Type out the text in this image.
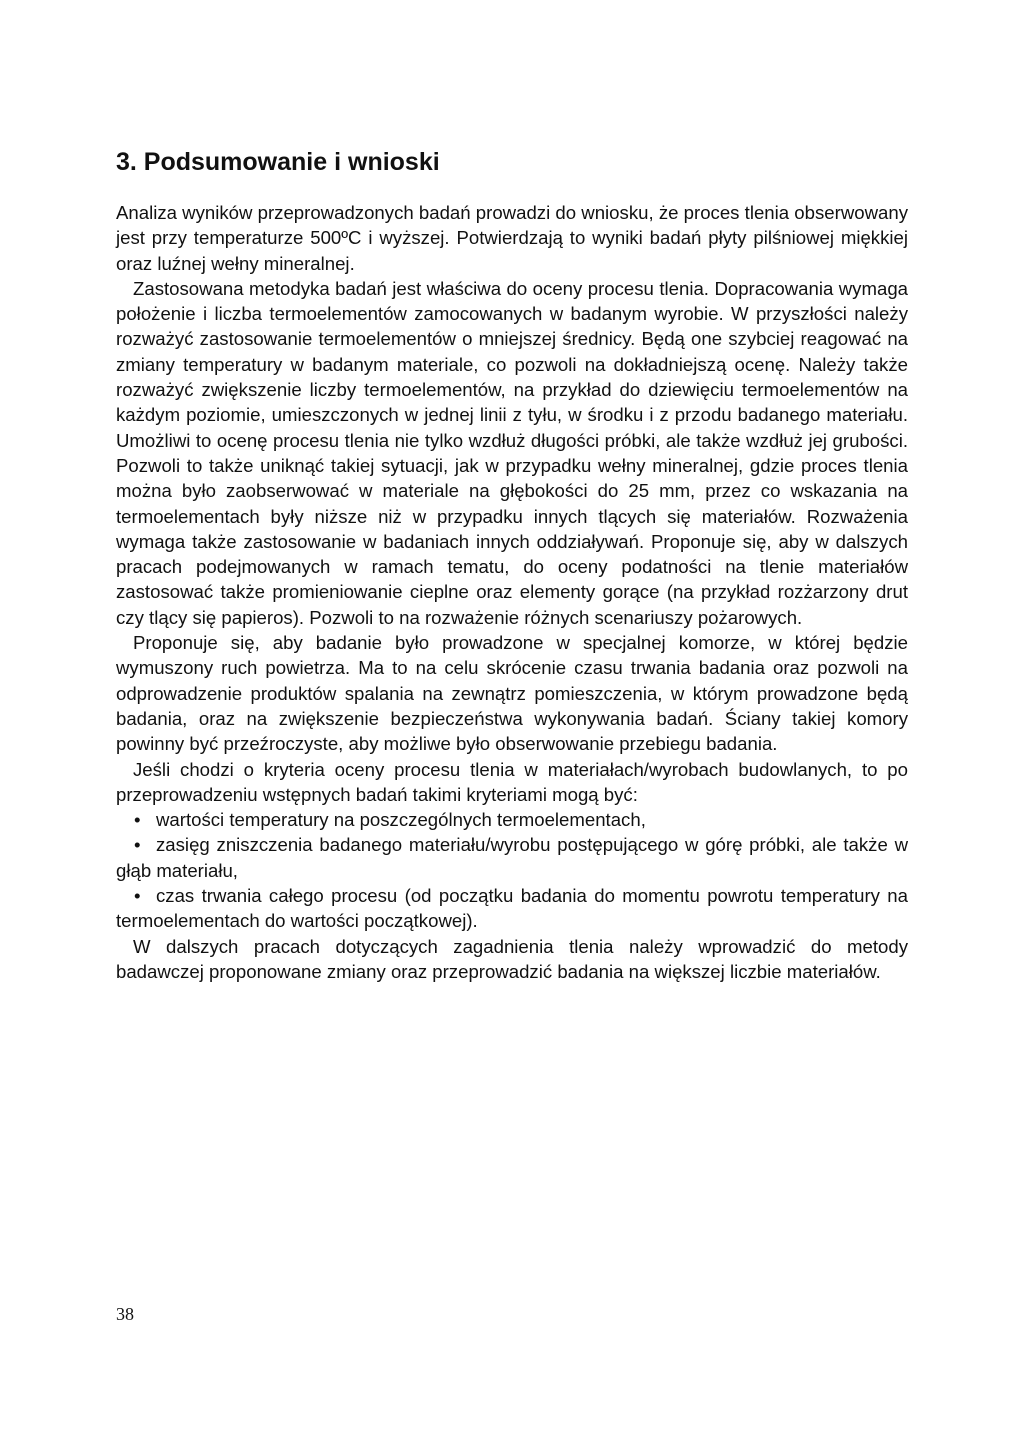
3. Podsumowanie i wnioski

Analiza wyników przeprowadzonych badań prowadzi do wniosku, że proces tlenia obserwowany jest przy temperaturze 500ºC i wyższej. Potwierdzają to wyniki badań płyty pilśniowej miękkiej oraz luźnej wełny mineralnej.

Zastosowana metodyka badań jest właściwa do oceny procesu tlenia. Dopracowania wymaga położenie i liczba termoelementów zamocowanych w badanym wyrobie. W przyszłości należy rozważyć zastosowanie termoelementów o mniejszej średnicy. Będą one szybciej reagować na zmiany temperatury w badanym materiale, co pozwoli na dokładniejszą ocenę. Należy także rozważyć zwiększenie liczby termoelementów, na przykład do dziewięciu termoelementów na każdym poziomie, umieszczonych w jednej linii z tyłu, w środku i z przodu badanego materiału. Umożliwi to ocenę procesu tlenia nie tylko wzdłuż długości próbki, ale także wzdłuż jej grubości. Pozwoli to także uniknąć takiej sytuacji, jak w przypadku wełny mineralnej, gdzie proces tlenia można było zaobserwować w materiale na głębokości do 25 mm, przez co wskazania na termoelementach były niższe niż w przypadku innych tlących się materiałów. Rozważenia wymaga także zastosowanie w badaniach innych oddziaływań. Proponuje się, aby w dalszych pracach podejmowanych w ramach tematu, do oceny podatności na tlenie materiałów zastosować także promieniowanie cieplne oraz elementy gorące (na przykład rozżarzony drut czy tlący się papieros). Pozwoli to na rozważenie różnych scenariuszy pożarowych.

Proponuje się, aby badanie było prowadzone w specjalnej komorze, w której będzie wymuszony ruch powietrza. Ma to na celu skrócenie czasu trwania badania oraz pozwoli na odprowadzenie produktów spalania na zewnątrz pomieszczenia, w którym prowadzone będą badania, oraz na zwiększenie bezpieczeństwa wykonywania badań. Ściany takiej komory powinny być przeźroczyste, aby możliwe było obserwowanie przebiegu badania.

Jeśli chodzi o kryteria oceny procesu tlenia w materiałach/wyrobach budowlanych, to po przeprowadzeniu wstępnych badań takimi kryteriami mogą być:

• wartości temperatury na poszczególnych termoelementach,
• zasięg zniszczenia badanego materiału/wyrobu postępującego w górę próbki, ale także w głąb materiału,
• czas trwania całego procesu (od początku badania do momentu powrotu temperatury na termoelementach do wartości początkowej).

W dalszych pracach dotyczących zagadnienia tlenia należy wprowadzić do metody badawczej proponowane zmiany oraz przeprowadzić badania na większej liczbie materiałów.

38
